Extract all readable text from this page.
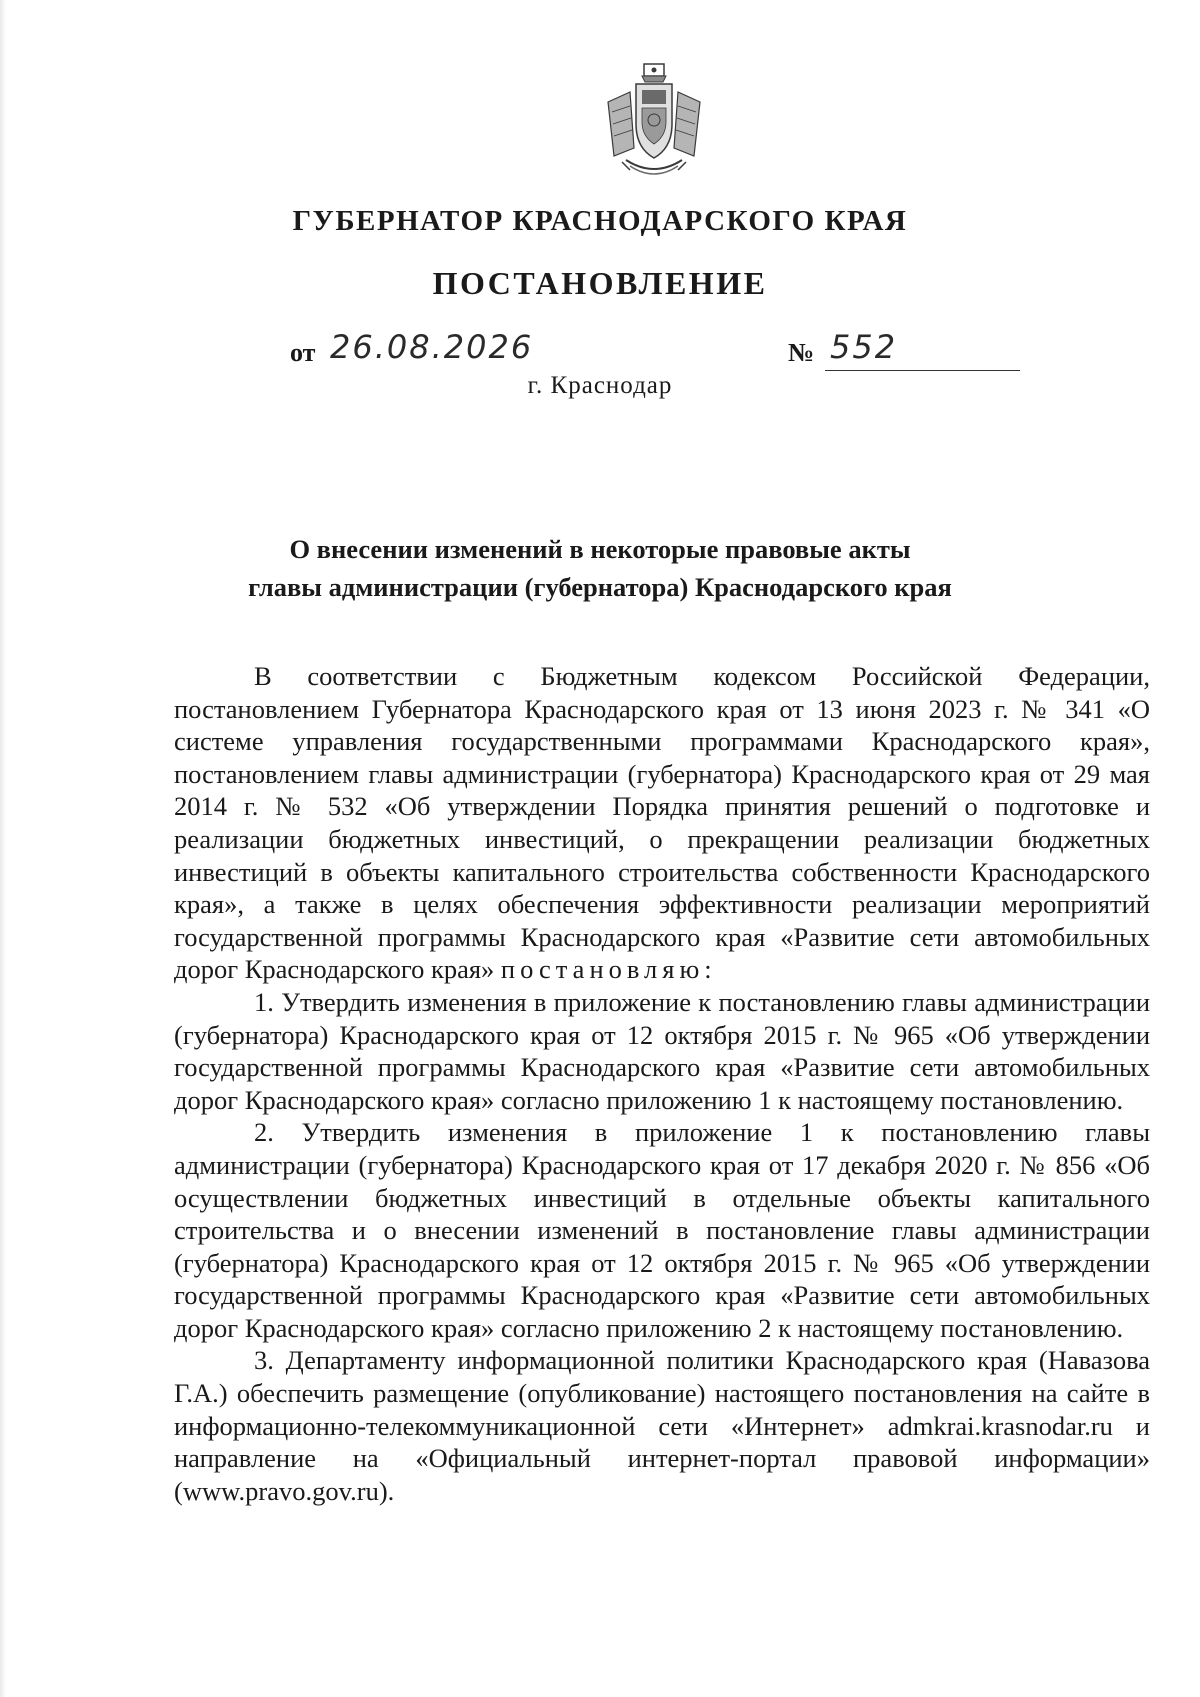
ГУБЕРНАТОР КРАСНОДАРСКОГО КРАЯ
ПОСТАНОВЛЕНИЕ
от 26.08.2026	№ 552
г. Краснодар
О внесении изменений в некоторые правовые акты
главы администрации (губернатора) Краснодарского края

В соответствии с Бюджетным кодексом Российской Федерации, постановлением Губернатора Краснодарского края от 13 июня 2023 г. № 341 «О системе управления государственными программами Краснодарского края», постановлением главы администрации (губернатора) Краснодарского края от 29 мая 2014 г. № 532 «Об утверждении Порядка принятия решений о подготовке и реализации бюджетных инвестиций, о прекращении реализации бюджетных инвестиций в объекты капитального строительства собственности Краснодарского края», а также в целях обеспечения эффективности реализации мероприятий государственной программы Краснодарского края «Развитие сети автомобильных дорог Краснодарского края» постановляю:

1. Утвердить изменения в приложение к постановлению главы администрации (губернатора) Краснодарского края от 12 октября 2015 г. № 965 «Об утверждении государственной программы Краснодарского края «Развитие сети автомобильных дорог Краснодарского края» согласно приложению 1 к настоящему постановлению.

2. Утвердить изменения в приложение 1 к постановлению главы администрации (губернатора) Краснодарского края от 17 декабря 2020 г. № 856 «Об осуществлении бюджетных инвестиций в отдельные объекты капитального строительства и о внесении изменений в постановление главы администрации (губернатора) Краснодарского края от 12 октября 2015 г. № 965 «Об утверждении государственной программы Краснодарского края «Развитие сети автомобильных дорог Краснодарского края» согласно приложению 2 к настоящему постановлению.

3. Департаменту информационной политики Краснодарского края (Навазова Г.А.) обеспечить размещение (опубликование) настоящего постановления на сайте в информационно-телекоммуникационной сети «Интернет» admkrai.krasnodar.ru и направление на «Официальный интернет-портал правовой информации» (www.pravo.gov.ru).
